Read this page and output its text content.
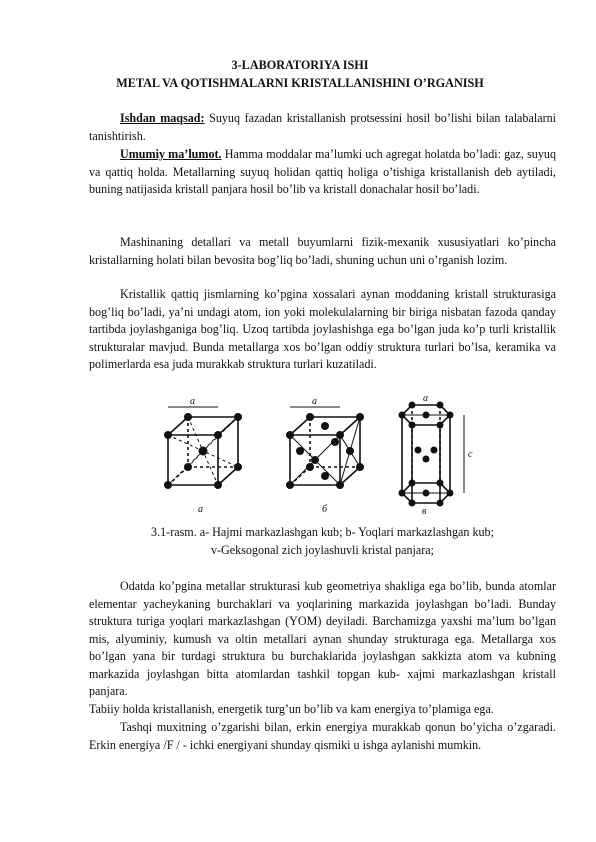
3-LABORATORIYA ISHI
METAL VA QOTISHMALARNI KRISTALLANISHINI O’RGANISH

Ishdan maqsad: Suyuq fazadan kristallanish protsessini hosil bo’lishi bilan talabalarni tanishtirish.

Umumiy ma’lumot. Hamma moddalar ma’lumki uch agregat holatda bo’ladi: gaz, suyuq va qattiq holda. Metallarning suyuq holidan qattiq holiga o’tishiga kristallanish deb aytiladi, buning natijasida kristall panjara hosil bo’lib va kristall donachalar hosil bo’ladi.

Mashinaning detallari va metall buyumlarni fizik-mexanik xususiyatlari ko’pincha kristallarning holati bilan bevosita bog’liq bo’ladi, shuning uchun uni o’rganish lozim.

Kristallik qattiq jismlarning ko’pgina xossalari aynan moddaning kristall strukturasiga bog’liq bo’ladi, ya’ni undagi atom, ion yoki molekulalarning bir biriga nisbatan fazoda qanday tartibda joylashganiga bog’liq. Uzoq tartibda joylashishga ega bo’lgan juda ko’p turli kristallik strukturalar mavjud. Bunda metallarga xos bo’lgan oddiy struktura turlari bo’lsa, keramika va polimerlarda esa juda murakkab struktura turlari kuzatiladi.

a	a	a
c
a	б	в
3.1-rasm. a- Hajmi markazlashgan kub; b- Yoqlari markazlashgan kub;
v-Geksogonal zich joylashuvli kristal panjara;

Odatda ko’pgina metallar strukturasi kub geometriya shakliga ega bo’lib, bunda atomlar elementar yacheykaning burchaklari va yoqlarining markazida joylashgan bo’ladi. Bunday struktura turiga yoqlari markazlashgan (YOM) deyiladi. Barchamizga yaxshi ma’lum bo’lgan mis, alyuminiy, kumush va oltin metallari aynan shunday strukturaga ega. Metallarga xos bo’lgan yana bir turdagi struktura bu burchaklarida joylashgan sakkizta atom va kubning markazida joylashgan bitta atomlardan tashkil topgan kub- xajmi markazlashgan kristall panjara.

Tabiiy holda kristallanish, energetik turg’un bo’lib va kam energiya to’plamiga ega.

Tashqi muxitning o’zgarishi bilan, erkin energiya murakkab qonun bo’yicha o’zgaradi. Erkin energiya /F / - ichki energiyani shunday qismiki u ishga aylanishi mumkin.
